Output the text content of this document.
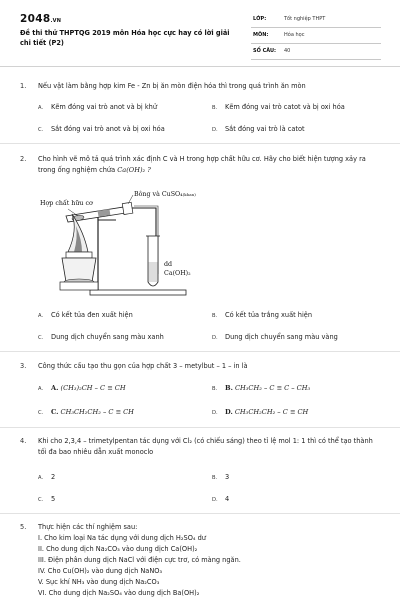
2048.VN
Đề thi thử THPTQG 2019 môn Hóa học cực hay có lời giải chi tiết (P2)
LỚP:	Tốt nghiệp THPT
MÔN:	Hóa học
SỐ CÂU: 40
1. Nếu vật làm bằng hợp kim Fe - Zn bị ăn mòn điện hóa thì trong quá trình ăn mòn
A. Kẽm đóng vai trò anot và bị khử	B. Kẽm đóng vai trò catot và bị oxi hóa
C. Sắt đóng vai trò anot và bị oxi hóa	D. Sắt đóng vai trò là catot
2. Cho hình vẽ mô tả quá trình xác định C và H trong hợp chất hữu cơ. Hãy cho biết hiện tượng xảy ra trong ống nghiệm chứa Ca(OH)₂ ?
Hợp chất hữu cơ
Bông và CuSO₄(khan)
dd
Ca(OH)₂
A. Có kết tủa đen xuất hiện	B. Có kết tủa trắng xuất hiện
C. Dung dịch chuyển sang màu xanh	D. Dung dịch chuyển sang màu vàng
3. Công thức cấu tạo thu gọn của hợp chất 3 – metylbut – 1 – in là
A. A. (CH₃)₂CH – C ≡ CH	B. B. CH₃CH₂ – C ≡ C – CH₃
C. C. CH₃CH₂CH₂ – C ≡ CH	D. D. CH₃CH₂CH₂ – C ≡ CH
4. Khi cho 2,3,4 – trimetylpentan tác dụng với Cl₂ (có chiếu sáng) theo tỉ lệ mol 1: 1 thì có thể tạo thành tối đa bao nhiêu dẫn xuất monoclo
A. 2	B. 3
C. 5	D. 4
5. Thực hiện các thí nghiệm sau:
I. Cho kim loại Na tác dụng với dung dịch H₂SO₄ dư
II. Cho dung dịch Na₂CO₃ vào dung dịch Ca(OH)₂
III. Điện phân dung dịch NaCl với điện cực trơ, có màng ngăn.
IV. Cho Cu(OH)₂ vào dung dịch NaNO₃
V. Sục khí NH₃ vào dung dịch Na₂CO₃
VI. Cho dung dịch Na₂SO₄ vào dung dịch Ba(OH)₂
